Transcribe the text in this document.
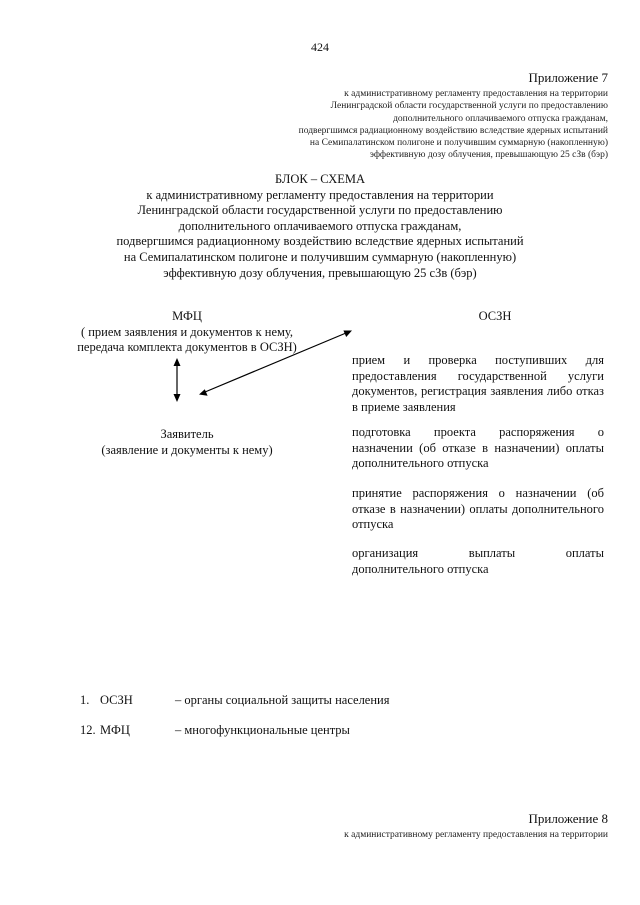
424
Приложение 7
к административному регламенту предоставления на территории
Ленинградской области государственной услуги по предоставлению
дополнительного оплачиваемого отпуска гражданам,
подвергшимся радиационному воздействию вследствие ядерных испытаний
на Семипалатинском полигоне и получившим суммарную (накопленную)
эффективную дозу облучения, превышающую 25 сЗв (бэр)
БЛОК – СХЕМА
к административному регламенту предоставления на территории
Ленинградской области государственной услуги по предоставлению
дополнительного оплачиваемого отпуска гражданам,
подвергшимся радиационному воздействию вследствие ядерных испытаний
на Семипалатинском полигоне и получившим суммарную (накопленную)
эффективную дозу облучения, превышающую 25 сЗв (бэр)
МФЦ
( прием заявления и документов к нему,
передача комплекта документов в ОСЗН)
Заявитель
(заявление и документы к нему)
ОСЗН
прием и проверка поступивших для предоставления государственной услуги документов, регистрация заявления либо отказ в приеме заявления
подготовка проекта распоряжения о назначении (об отказе в назначении) оплаты дополнительного отпуска
принятие распоряжения о назначении (об отказе в назначении) оплаты дополнительного отпуска
организация выплаты оплаты дополнительного отпуска
1. ОСЗН	– органы социальной защиты населения
12. МФЦ	– многофункциональные центры
Приложение 8
к административному регламенту предоставления на территории
